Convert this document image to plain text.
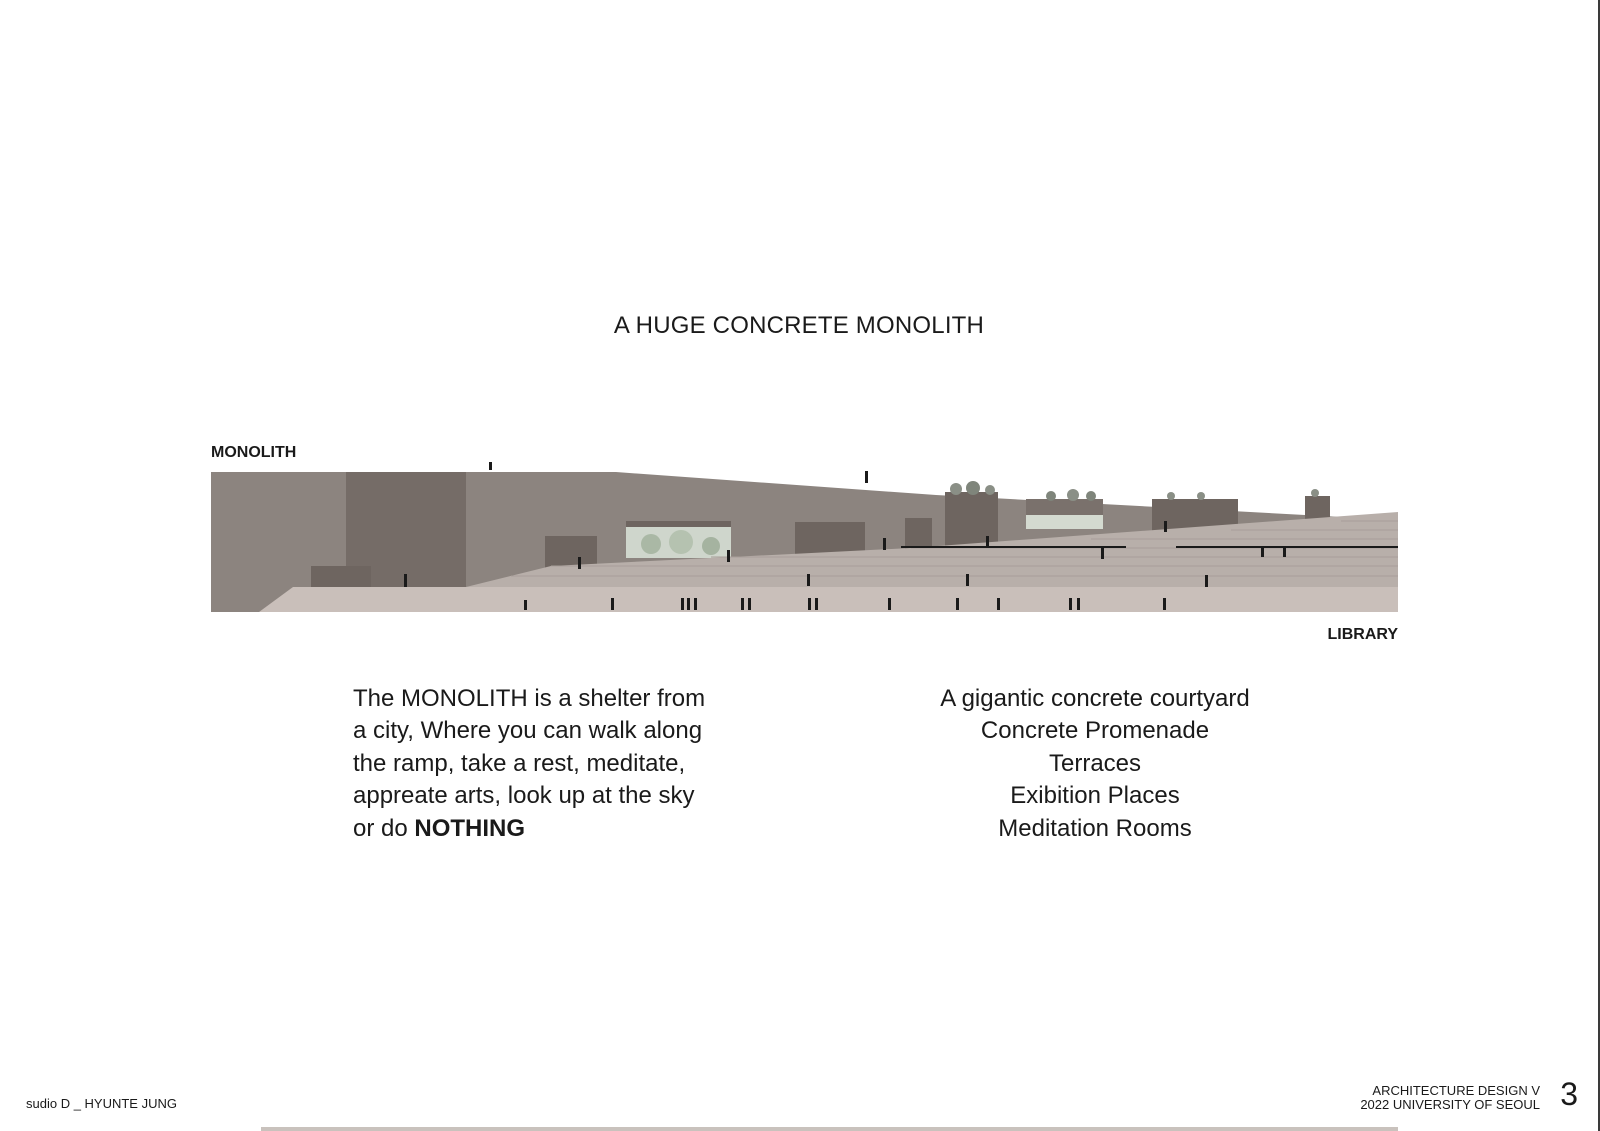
A HUGE CONCRETE MONOLITH
MONOLITH
LIBRARY
The MONOLITH is a shelter from
a city, Where you can walk along
the ramp, take a rest, meditate,
appreate arts, look up at the sky
or do NOTHING
A gigantic concrete courtyard
Concrete Promenade
Terraces
Exibition Places
Meditation Rooms
sudio D _ HYUNTE JUNG
ARCHITECTURE DESIGN V
2022 UNIVERSITY OF SEOUL 3
